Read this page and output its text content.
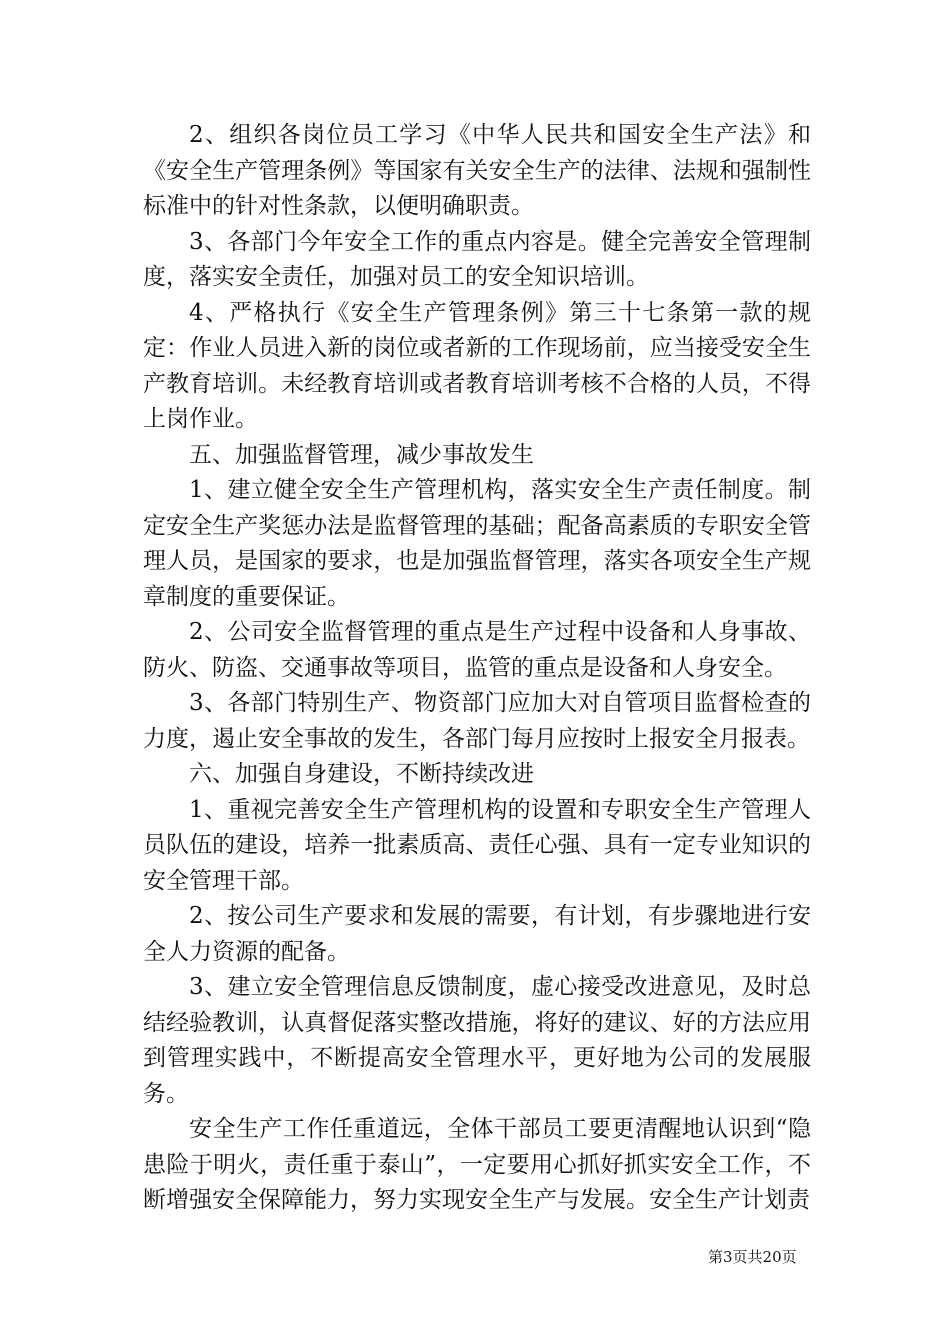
2、组织各岗位员工学习《中华人民共和国安全生产法》和《安全生产管理条例》等国家有关安全生产的法律、法规和强制性标准中的针对性条款，以便明确职责。

3、各部门今年安全工作的重点内容是。健全完善安全管理制度，落实安全责任，加强对员工的安全知识培训。

4、严格执行《安全生产管理条例》第三十七条第一款的规定：作业人员进入新的岗位或者新的工作现场前，应当接受安全生产教育培训。未经教育培训或者教育培训考核不合格的人员，不得上岗作业。

五、加强监督管理，减少事故发生

1、建立健全安全生产管理机构，落实安全生产责任制度。制定安全生产奖惩办法是监督管理的基础；配备高素质的专职安全管理人员，是国家的要求，也是加强监督管理，落实各项安全生产规章制度的重要保证。

2、公司安全监督管理的重点是生产过程中设备和人身事故、防火、防盗、交通事故等项目，监管的重点是设备和人身安全。

3、各部门特别生产、物资部门应加大对自管项目监督检查的力度，遏止安全事故的发生，各部门每月应按时上报安全月报表。

六、加强自身建设，不断持续改进

1、重视完善安全生产管理机构的设置和专职安全生产管理人员队伍的建设，培养一批素质高、责任心强、具有一定专业知识的安全管理干部。

2、按公司生产要求和发展的需要，有计划，有步骤地进行安全人力资源的配备。

3、建立安全管理信息反馈制度，虚心接受改进意见，及时总结经验教训，认真督促落实整改措施，将好的建议、好的方法应用到管理实践中，不断提高安全管理水平，更好地为公司的发展服务。

安全生产工作任重道远，全体干部员工要更清醒地认识到“隐患险于明火，责任重于泰山”，一定要用心抓好抓实安全工作，不断增强安全保障能力，努力实现安全生产与发展。安全生产计划责

第3页共20页
